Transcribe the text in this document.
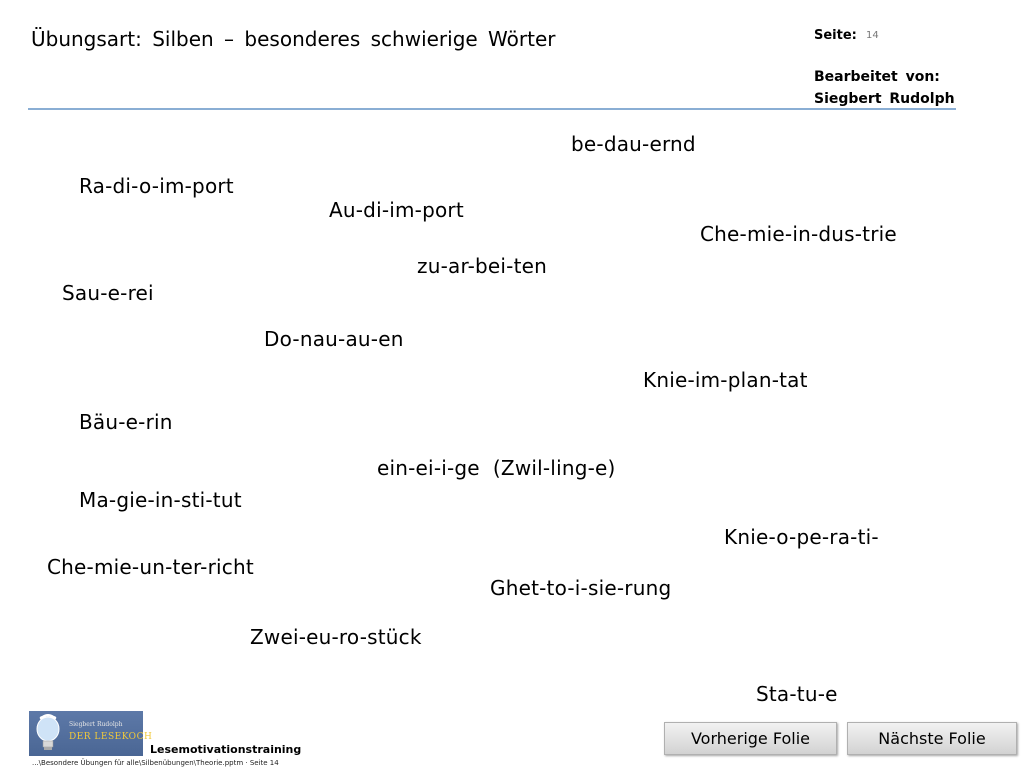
Übungsart: Silben – besonderes schwierige Wörter	Seite: 14
Bearbeitet von:
Siegbert Rudolph
be-dau-ernd
Ra-di-o-im-port
Au-di-im-port
Che-mie-in-dus-trie
zu-ar-bei-ten
Sau-e-rei
Do-nau-au-en
Knie-im-plan-tat
Bäu-e-rin
ein-ei-i-ge  (Zwil-ling-e)
Ma-gie-in-sti-tut
Knie-o-pe-ra-ti-
Che-mie-un-ter-richt
Ghet-to-i-sie-rung
Zwei-eu-ro-stück
Sta-tu-e
Siegbert Rudolph
DER LESEKOCH
Lesemotivationstraining
...\Besondere Übungen für alle\Silbenübungen\Theorie.pptm · Seite 14
Vorherige Folie	Nächste Folie
